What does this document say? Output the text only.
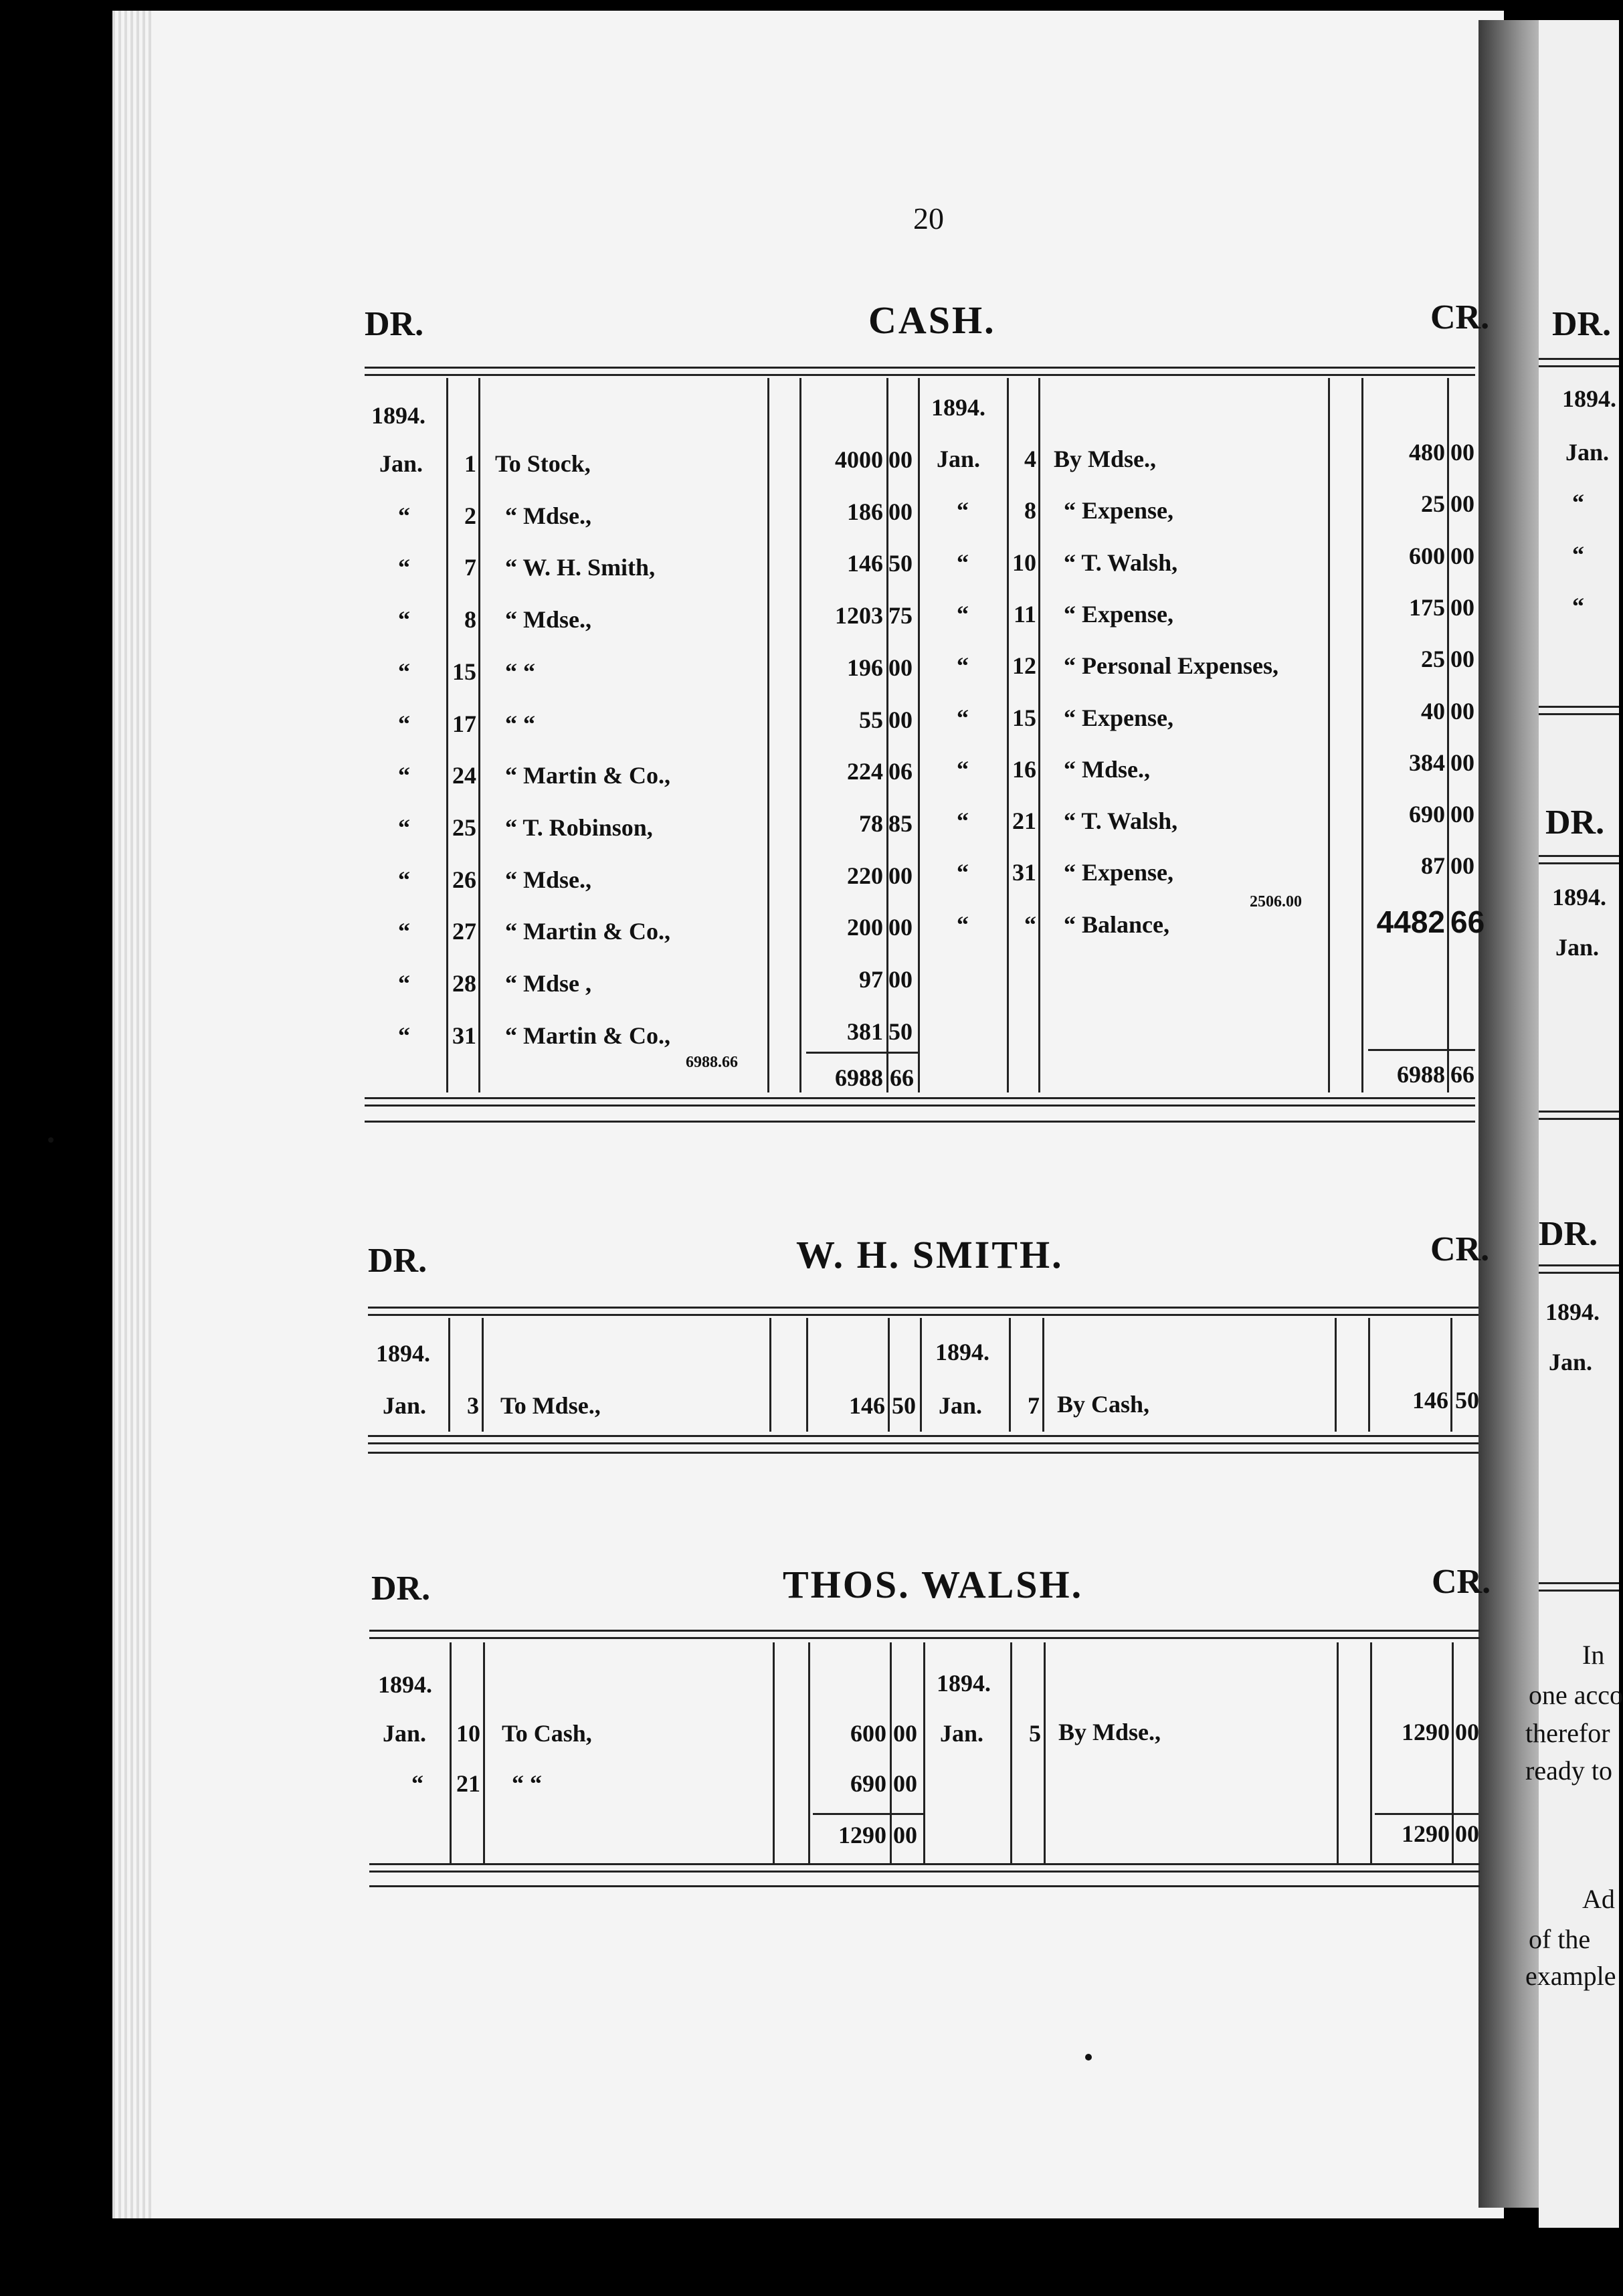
20
DR.	CASH.	CR.
1894.	1894.
Jan.	1 To Stock,	4000 00
“	2 “ Mdse.,	186 00
“	7 “ W. H. Smith,	146 50
“	8 “ Mdse.,	1203 75
“ 15 “ “	196 00
“ 17 “ “	55 00
“ 24 “ Martin & Co.,	224 06
“ 25 “ T. Robinson,	78 85
“ 26 “ Mdse.,	220 00
“ 27 “ Martin & Co.,	200 00
“ 28 “ Mdse ,	97 00
“ 31 “ Martin & Co.,	381 50
Jan.	4 By Mdse.,	480 00
“	8 “ Expense,	25 00
“ 10 “ T. Walsh,	600 00
“ 11 “ Expense,	175 00
“ 12 “ Personal Expenses,	25 00
“ 15 “ Expense,	40 00
“ 16 “ Mdse.,	384 00
“ 21 “ T. Walsh,	690 00
“ 31 “ Expense,	87 00
“	“ “ Balance,	4482 66
6988.66
2506.00
6988 66	6988 66
DR.	W. H. SMITH.	CR.
1894.	1894.
Jan.	3 To Mdse.,	146 50 Jan.	7 By Cash,	146 50
DR.	THOS. WALSH.	CR.
1894.	1894.
Jan. 10 To Cash,	600 00
“ 21 “ “	690 00
Jan.	5 By Mdse.,	1290 00
1290 00	1290 00
DR.
1894.
Jan.
“
“
“
DR.
1894.
Jan.
DR.
1894.
Jan.
In
one acco
therefor
ready to
Ad
of the
example
